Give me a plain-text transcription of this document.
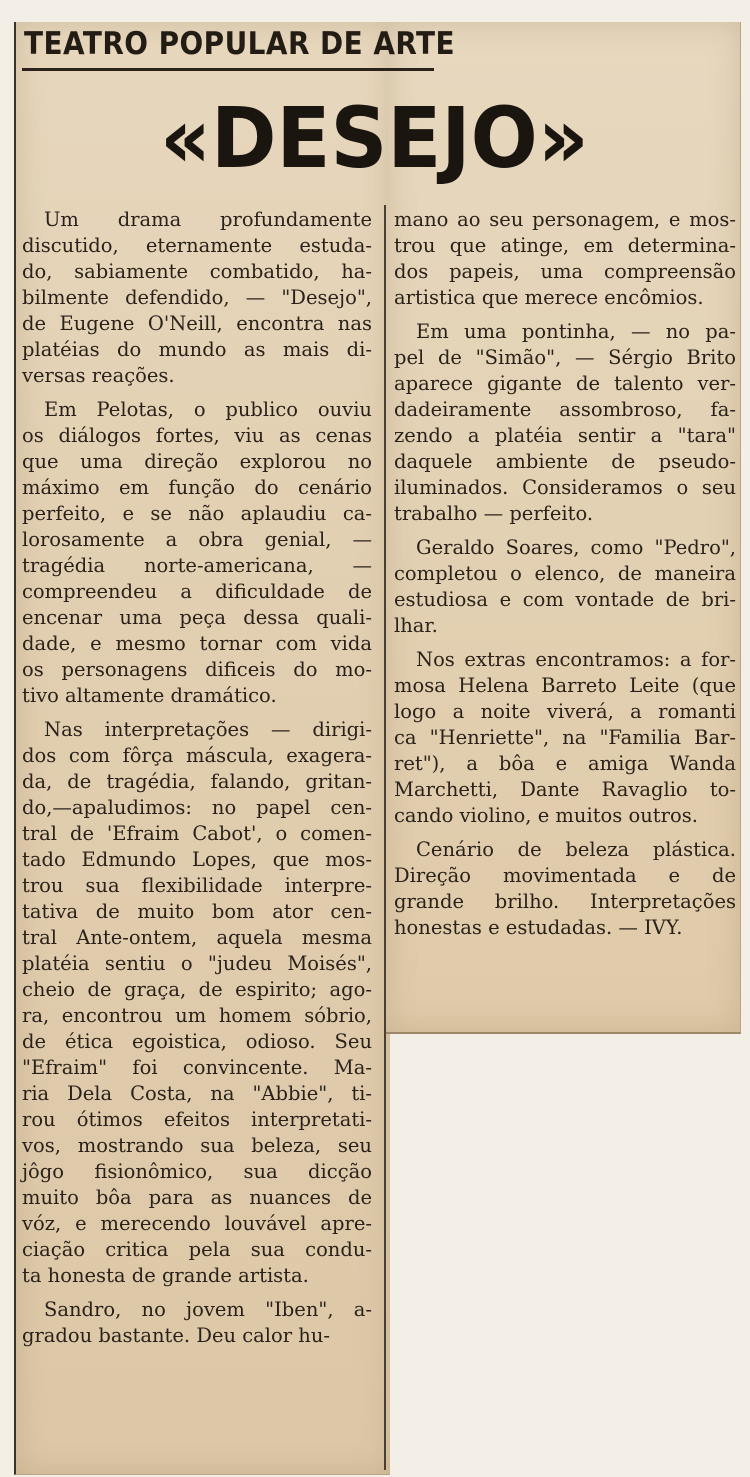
TEATRO POPULAR DE ARTE
«DESEJO»

Um drama profundamente
discutido, eternamente estuda-
do, sabiamente combatido, ha-
bilmente defendido, — "Desejo",
de Eugene O'Neill, encontra nas
platéias do mundo as mais di-
versas reações.

Em Pelotas, o publico ouviu
os diálogos fortes, viu as cenas
que uma direção explorou no
máximo em função do cenário
perfeito, e se não aplaudiu ca-
lorosamente a obra genial, —
tragédia norte-americana, —
compreendeu a dificuldade de
encenar uma peça dessa quali-
dade, e mesmo tornar com vida
os personagens dificeis do mo-
tivo altamente dramático.

Nas interpretações — dirigi-
dos com fôrça máscula, exagera-
da, de tragédia, falando, gritan-
do,—apaludimos: no papel cen-
tral de 'Efraim Cabot', o comen-
tado Edmundo Lopes, que mos-
trou sua flexibilidade interpre-
tativa de muito bom ator cen-
tral Ante-ontem, aquela mesma
platéia sentiu o "judeu Moisés",
cheio de graça, de espirito; ago-
ra, encontrou um homem sóbrio,
de ética egoistica, odioso. Seu
"Efraim" foi convincente. Ma-
ria Dela Costa, na "Abbie", ti-
rou ótimos efeitos interpretati-
vos, mostrando sua beleza, seu
jôgo fisionômico, sua dicção
muito bôa para as nuances de
vóz, e merecendo louvável apre-
ciação critica pela sua condu-
ta honesta de grande artista.

Sandro, no jovem "Iben", a-
gradou bastante. Deu calor hu-

mano ao seu personagem, e mos-
trou que atinge, em determina-
dos papeis, uma compreensão
artistica que merece encômios.

Em uma pontinha, — no pa-
pel de "Simão", — Sérgio Brito
aparece gigante de talento ver-
dadeiramente assombroso, fa-
zendo a platéia sentir a "tara"
daquele ambiente de pseudo-
iluminados. Consideramos o seu
trabalho — perfeito.

Geraldo Soares, como "Pedro",
completou o elenco, de maneira
estudiosa e com vontade de bri-
lhar.

Nos extras encontramos: a for-
mosa Helena Barreto Leite (que
logo a noite viverá, a romanti
ca "Henriette", na "Familia Bar-
ret"), a bôa e amiga Wanda
Marchetti, Dante Ravaglio to-
cando violino, e muitos outros.

Cenário de beleza plástica.
Direção movimentada e de
grande brilho. Interpretações
honestas e estudadas. — IVY.
